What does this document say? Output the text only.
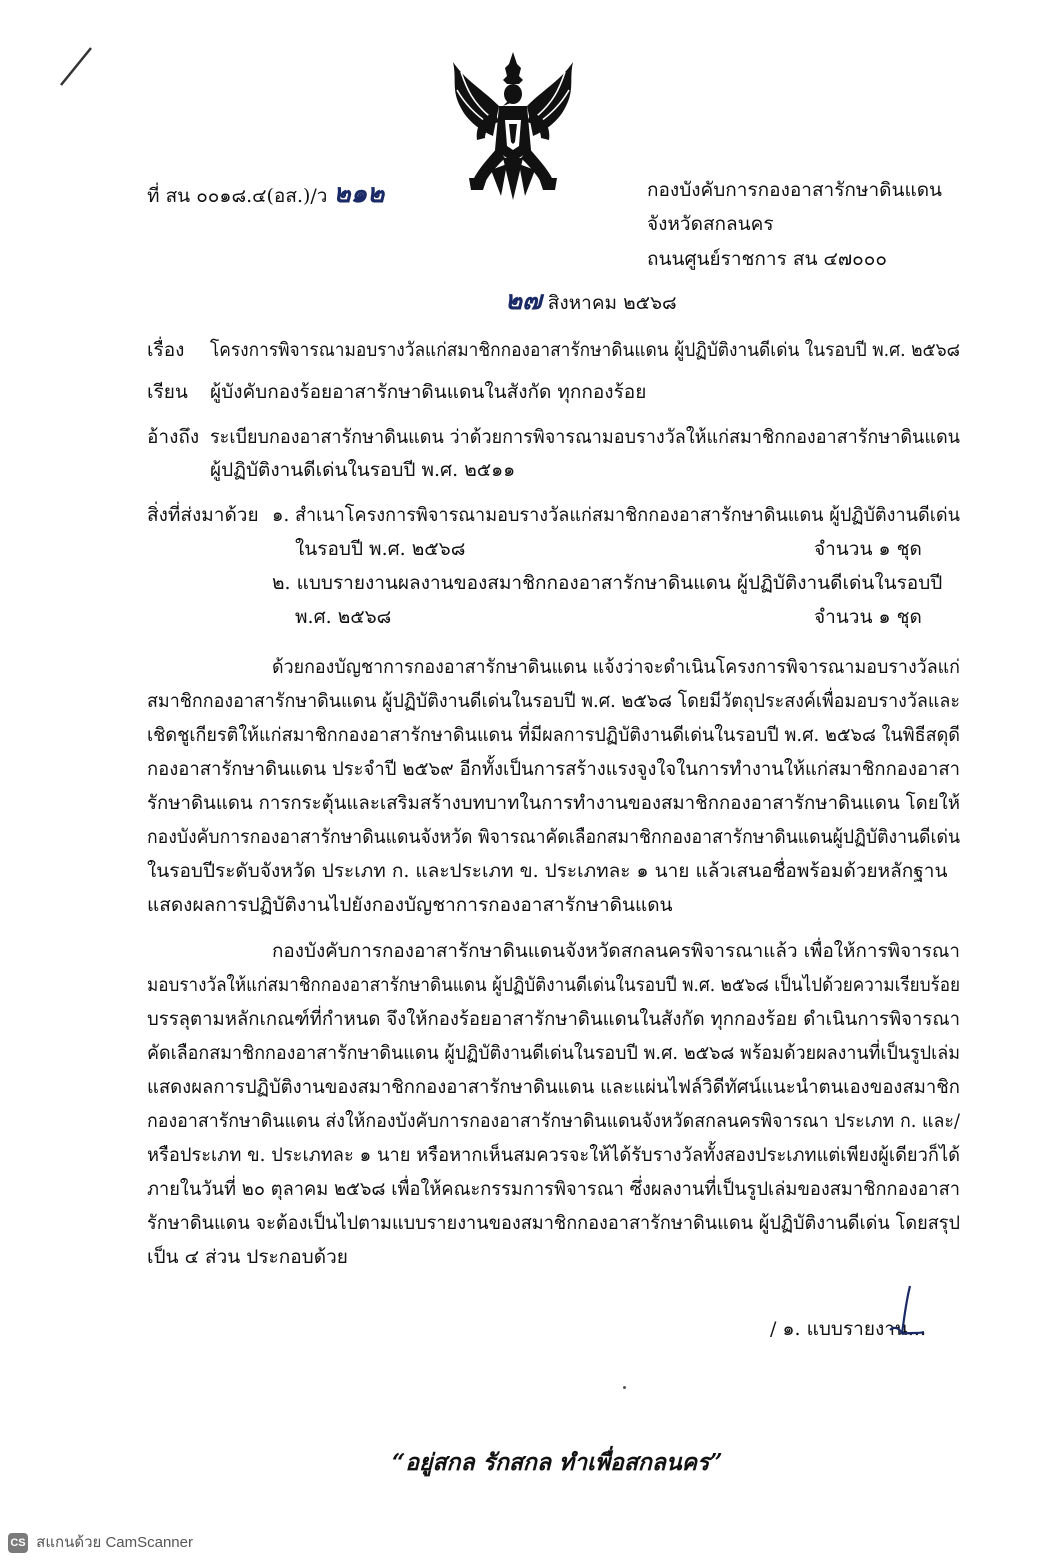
ที่ สน ๐๐๑๘.๔(อส.)/ว ๒๑๒	กองบังคับการกองอาสารักษาดินแดน
จังหวัดสกลนคร
ถนนศูนย์ราชการ สน ๔๗๐๐๐
๒๗ สิงหาคม ๒๕๖๘
เรื่อง โครงการพิจารณามอบรางวัลแก่สมาชิกกองอาสารักษาดินแดน ผู้ปฏิบัติงานดีเด่น ในรอบปี พ.ศ. ๒๕๖๘
เรียน ผู้บังคับกองร้อยอาสารักษาดินแดนในสังกัด ทุกกองร้อย
อ้างถึง ระเบียบกองอาสารักษาดินแดน ว่าด้วยการพิจารณามอบรางวัลให้แก่สมาชิกกองอาสารักษาดินแดน
ผู้ปฏิบัติงานดีเด่นในรอบปี พ.ศ. ๒๕๑๑
สิ่งที่ส่งมาด้วย ๑. สำเนาโครงการพิจารณามอบรางวัลแก่สมาชิกกองอาสารักษาดินแดน ผู้ปฏิบัติงานดีเด่น
ในรอบปี พ.ศ. ๒๕๖๘	จำนวน ๑ ชุด
๒. แบบรายงานผลงานของสมาชิกกองอาสารักษาดินแดน ผู้ปฏิบัติงานดีเด่นในรอบปี
พ.ศ. ๒๕๖๘	จำนวน ๑ ชุด
ด้วยกองบัญชาการกองอาสารักษาดินแดน แจ้งว่าจะดำเนินโครงการพิจารณามอบรางวัลแก่
สมาชิกกองอาสารักษาดินแดน ผู้ปฏิบัติงานดีเด่นในรอบปี พ.ศ. ๒๕๖๘ โดยมีวัตถุประสงค์เพื่อมอบรางวัลและ
เชิดชูเกียรติให้แก่สมาชิกกองอาสารักษาดินแดน ที่มีผลการปฏิบัติงานดีเด่นในรอบปี พ.ศ. ๒๕๖๘ ในพิธีสดุดี
กองอาสารักษาดินแดน ประจำปี ๒๕๖๙ อีกทั้งเป็นการสร้างแรงจูงใจในการทำงานให้แก่สมาชิกกองอาสา
รักษาดินแดน การกระตุ้นและเสริมสร้างบทบาทในการทำงานของสมาชิกกองอาสารักษาดินแดน โดยให้
กองบังคับการกองอาสารักษาดินแดนจังหวัด พิจารณาคัดเลือกสมาชิกกองอาสารักษาดินแดนผู้ปฏิบัติงานดีเด่น
ในรอบปีระดับจังหวัด ประเภท ก. และประเภท ข. ประเภทละ ๑ นาย แล้วเสนอชื่อพร้อมด้วยหลักฐาน
แสดงผลการปฏิบัติงานไปยังกองบัญชาการกองอาสารักษาดินแดน
กองบังคับการกองอาสารักษาดินแดนจังหวัดสกลนครพิจารณาแล้ว เพื่อให้การพิจารณา
มอบรางวัลให้แก่สมาชิกกองอาสารักษาดินแดน ผู้ปฏิบัติงานดีเด่นในรอบปี พ.ศ. ๒๕๖๘ เป็นไปด้วยความเรียบร้อย
บรรลุตามหลักเกณฑ์ที่กำหนด จึงให้กองร้อยอาสารักษาดินแดนในสังกัด ทุกกองร้อย ดำเนินการพิจารณา
คัดเลือกสมาชิกกองอาสารักษาดินแดน ผู้ปฏิบัติงานดีเด่นในรอบปี พ.ศ. ๒๕๖๘ พร้อมด้วยผลงานที่เป็นรูปเล่ม
แสดงผลการปฏิบัติงานของสมาชิกกองอาสารักษาดินแดน และแผ่นไฟล์วิดีทัศน์แนะนำตนเองของสมาชิก
กองอาสารักษาดินแดน ส่งให้กองบังคับการกองอาสารักษาดินแดนจังหวัดสกลนครพิจารณา ประเภท ก. และ/
หรือประเภท ข. ประเภทละ ๑ นาย หรือหากเห็นสมควรจะให้ได้รับรางวัลทั้งสองประเภทแต่เพียงผู้เดียวก็ได้
ภายในวันที่ ๒๐ ตุลาคม ๒๕๖๘ เพื่อให้คณะกรรมการพิจารณา ซึ่งผลงานที่เป็นรูปเล่มของสมาชิกกองอาสา
รักษาดินแดน จะต้องเป็นไปตามแบบรายงานของสมาชิกกองอาสารักษาดินแดน ผู้ปฏิบัติงานดีเด่น โดยสรุป
เป็น ๔ ส่วน ประกอบด้วย
/ ๑. แบบรายงาน...
“อยู่สกล รักสกล ทำเพื่อสกลนคร”
CS สแกนด้วย CamScanner
